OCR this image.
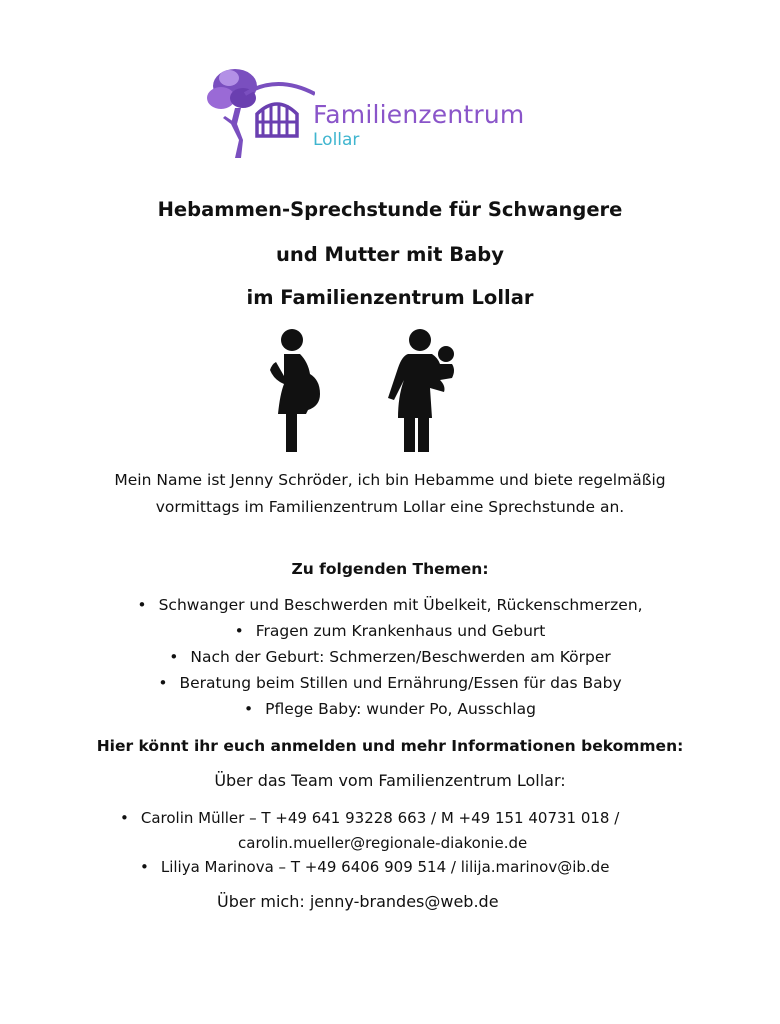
Familienzentrum
Lollar
Hebammen-Sprechstunde für Schwangere
und Mutter mit Baby
im Familienzentrum Lollar
Mein Name ist Jenny Schröder, ich bin Hebamme und biete regelmäßig
vormittags im Familienzentrum Lollar eine Sprechstunde an.
Zu folgenden Themen:
• Schwanger und Beschwerden mit Übelkeit, Rückenschmerzen,
• Fragen zum Krankenhaus und Geburt
• Nach der Geburt: Schmerzen/Beschwerden am Körper
• Beratung beim Stillen und Ernährung/Essen für das Baby
• Pflege Baby: wunder Po, Ausschlag
Hier könnt ihr euch anmelden und mehr Informationen bekommen:
Über das Team vom Familienzentrum Lollar:
• Carolin Müller – T +49 641 93228 663 / M +49 151 40731 018 /
carolin.mueller@regionale-diakonie.de
• Liliya Marinova – T +49 6406 909 514 / lilija.marinov@ib.de
Über mich: jenny-brandes@web.de
